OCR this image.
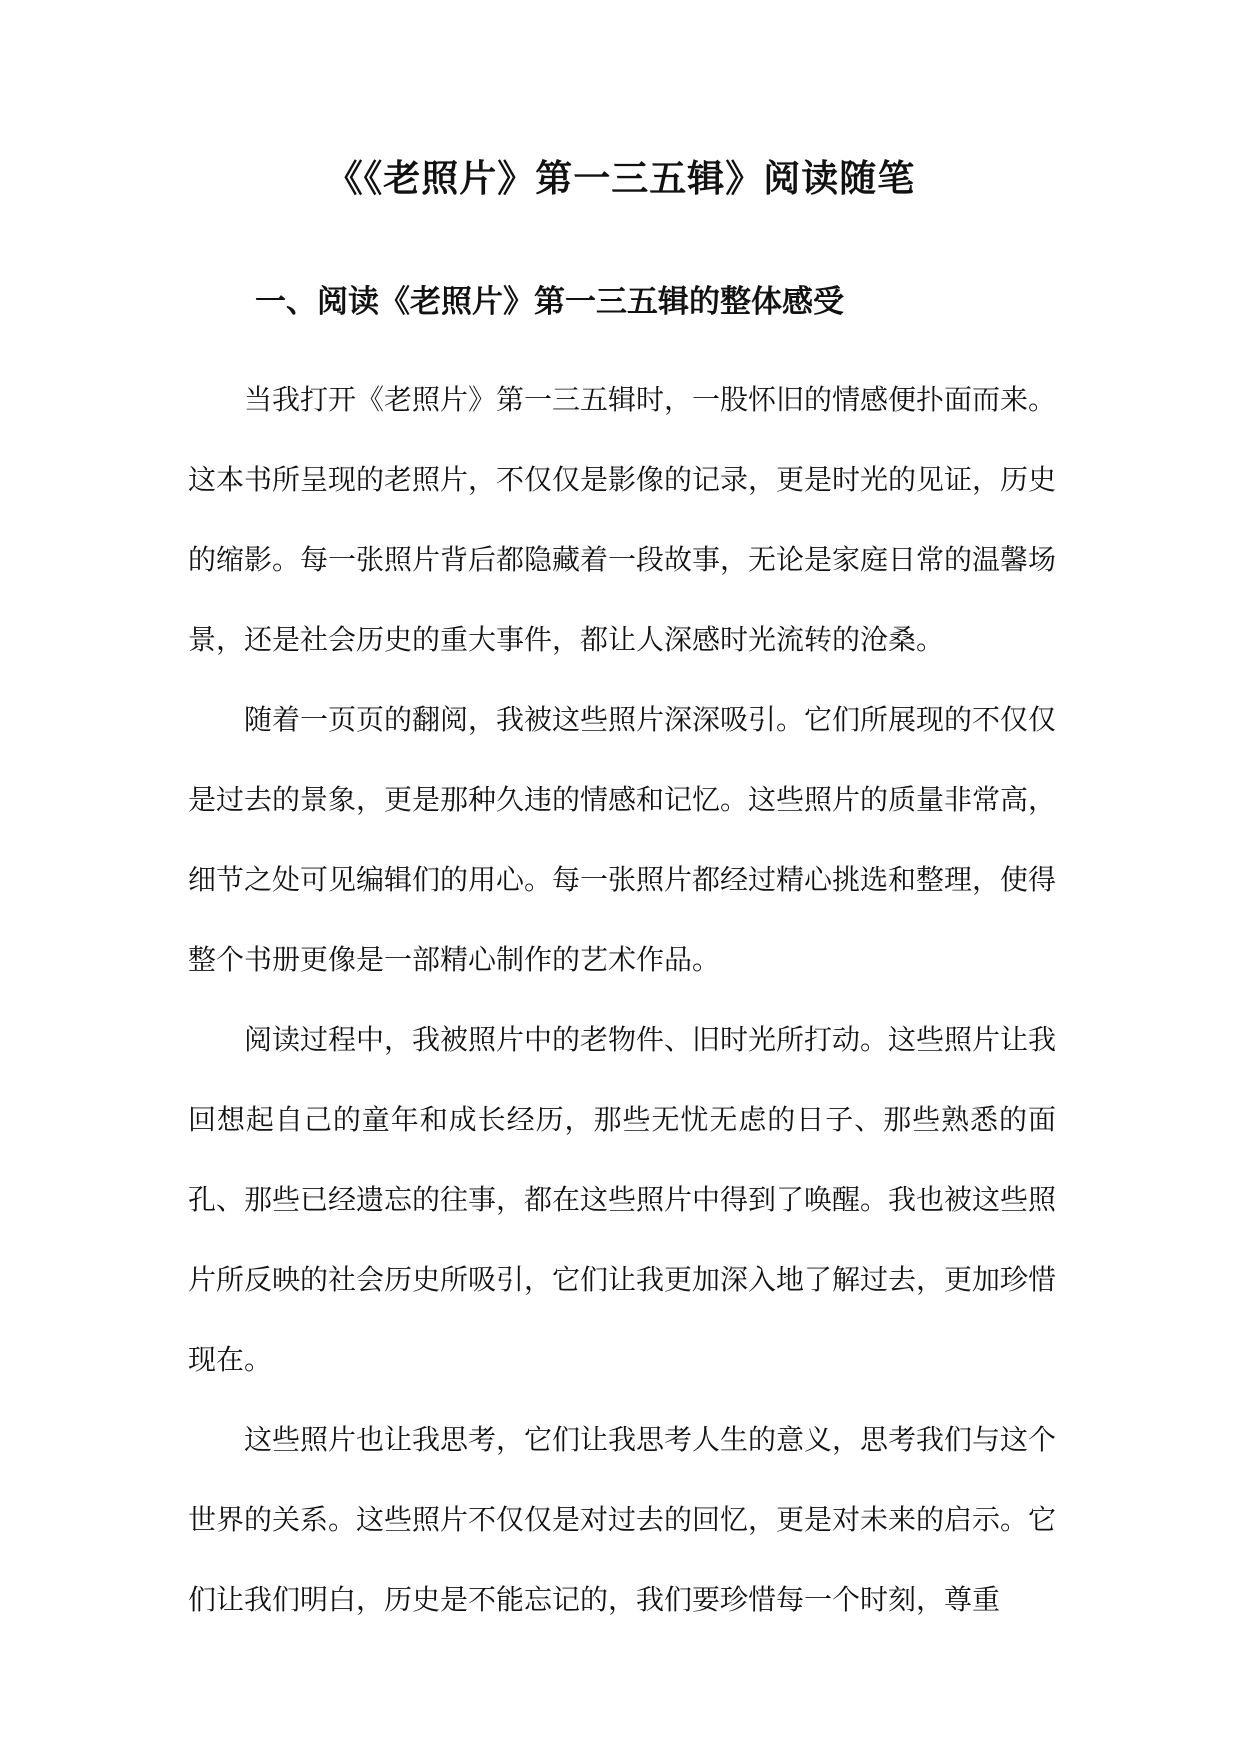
《《老照片》第一三五辑》阅读随笔
一、阅读《老照片》第一三五辑的整体感受

当我打开《老照片》第一三五辑时，一股怀旧的情感便扑面而来。这本书所呈现的老照片，不仅仅是影像的记录，更是时光的见证，历史的缩影。每一张照片背后都隐藏着一段故事，无论是家庭日常的温馨场景，还是社会历史的重大事件，都让人深感时光流转的沧桑。

随着一页页的翻阅，我被这些照片深深吸引。它们所展现的不仅仅是过去的景象，更是那种久违的情感和记忆。这些照片的质量非常高，细节之处可见编辑们的用心。每一张照片都经过精心挑选和整理，使得整个书册更像是一部精心制作的艺术作品。

阅读过程中，我被照片中的老物件、旧时光所打动。这些照片让我回想起自己的童年和成长经历，那些无忧无虑的日子、那些熟悉的面孔、那些已经遗忘的往事，都在这些照片中得到了唤醒。我也被这些照片所反映的社会历史所吸引，它们让我更加深入地了解过去，更加珍惜现在。

这些照片也让我思考，它们让我思考人生的意义，思考我们与这个世界的关系。这些照片不仅仅是对过去的回忆，更是对未来的启示。它们让我们明白，历史是不能忘记的，我们要珍惜每一个时刻，尊重
